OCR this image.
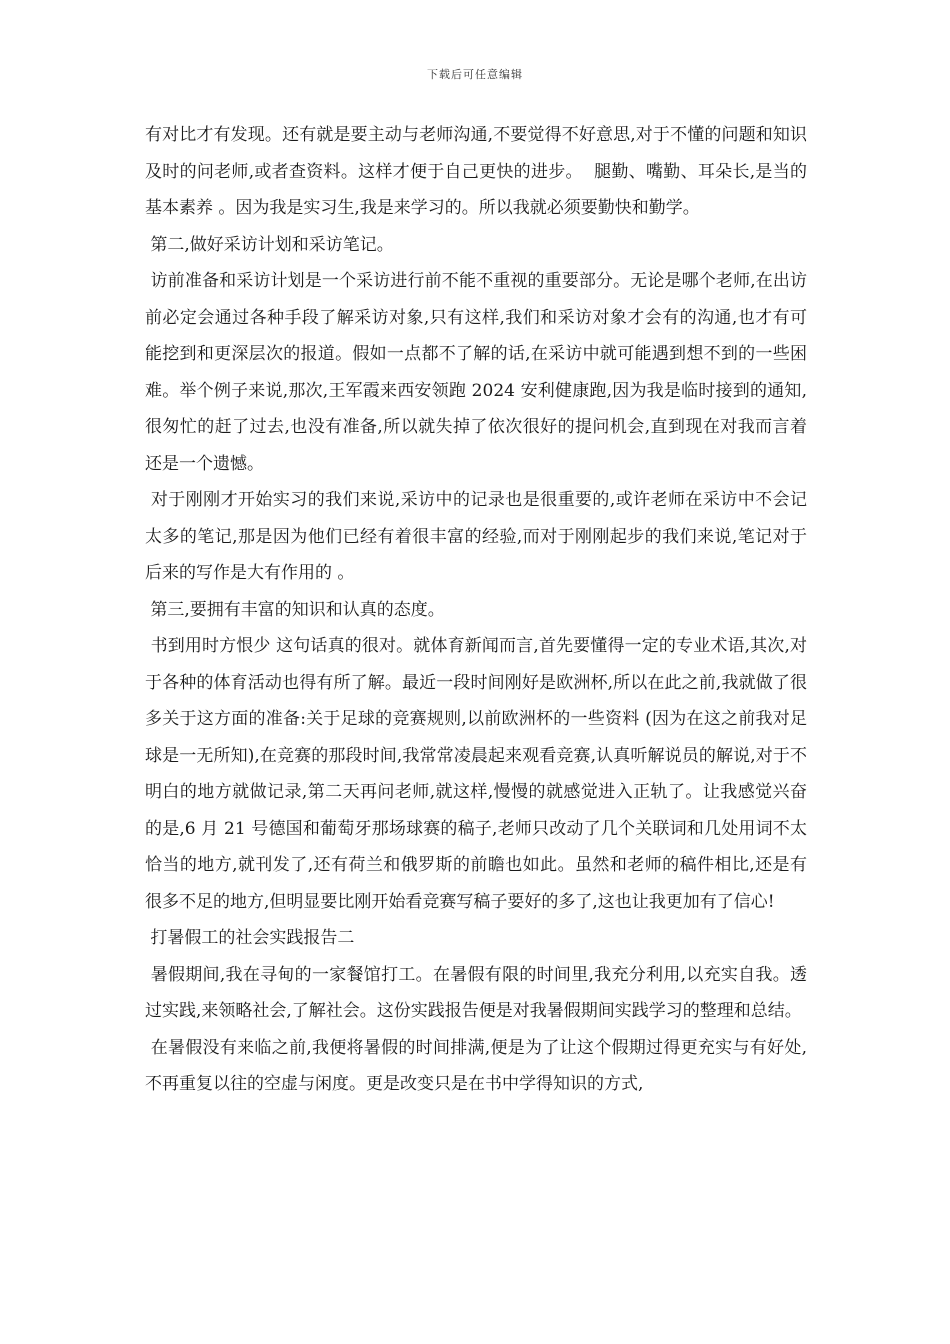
下载后可任意编辑

有对比才有发现。还有就是要主动与老师沟通,不要觉得不好意思,对于不懂的问题和知识及时的问老师,或者查资料。这样才便于自己更快的进步。  腿勤、嘴勤、耳朵长,是当的基本素养 。因为我是实习生,我是来学习的。所以我就必须要勤快和勤学。

第二,做好采访计划和采访笔记。

访前准备和采访计划是一个采访进行前不能不重视的重要部分。无论是哪个老师,在出访前必定会通过各种手段了解采访对象,只有这样,我们和采访对象才会有的沟通,也才有可能挖到和更深层次的报道。假如一点都不了解的话,在采访中就可能遇到想不到的一些困难。举个例子来说,那次,王军霞来西安领跑 2024 安利健康跑,因为我是临时接到的通知,很匆忙的赶了过去,也没有准备,所以就失掉了依次很好的提问机会,直到现在对我而言着还是一个遗憾。

对于刚刚才开始实习的我们来说,采访中的记录也是很重要的,或许老师在采访中不会记太多的笔记,那是因为他们已经有着很丰富的经验,而对于刚刚起步的我们来说,笔记对于后来的写作是大有作用的 。

第三,要拥有丰富的知识和认真的态度。

书到用时方恨少 这句话真的很对。就体育新闻而言,首先要懂得一定的专业术语,其次,对于各种的体育活动也得有所了解。最近一段时间刚好是欧洲杯,所以在此之前,我就做了很多关于这方面的准备:关于足球的竞赛规则,以前欧洲杯的一些资料 (因为在这之前我对足球是一无所知),在竞赛的那段时间,我常常凌晨起来观看竞赛,认真听解说员的解说,对于不明白的地方就做记录,第二天再问老师,就这样,慢慢的就感觉进入正轨了。让我感觉兴奋的是,6 月 21 号德国和葡萄牙那场球赛的稿子,老师只改动了几个关联词和几处用词不太恰当的地方,就刊发了,还有荷兰和俄罗斯的前瞻也如此。虽然和老师的稿件相比,还是有很多不足的地方,但明显要比刚开始看竞赛写稿子要好的多了,这也让我更加有了信心!

打暑假工的社会实践报告二

暑假期间,我在寻甸的一家餐馆打工。在暑假有限的时间里,我充分利用,以充实自我。透过实践,来领略社会,了解社会。这份实践报告便是对我暑假期间实践学习的整理和总结。

在暑假没有来临之前,我便将暑假的时间排满,便是为了让这个假期过得更充实与有好处,不再重复以往的空虚与闲度。更是改变只是在书中学得知识的方式,
